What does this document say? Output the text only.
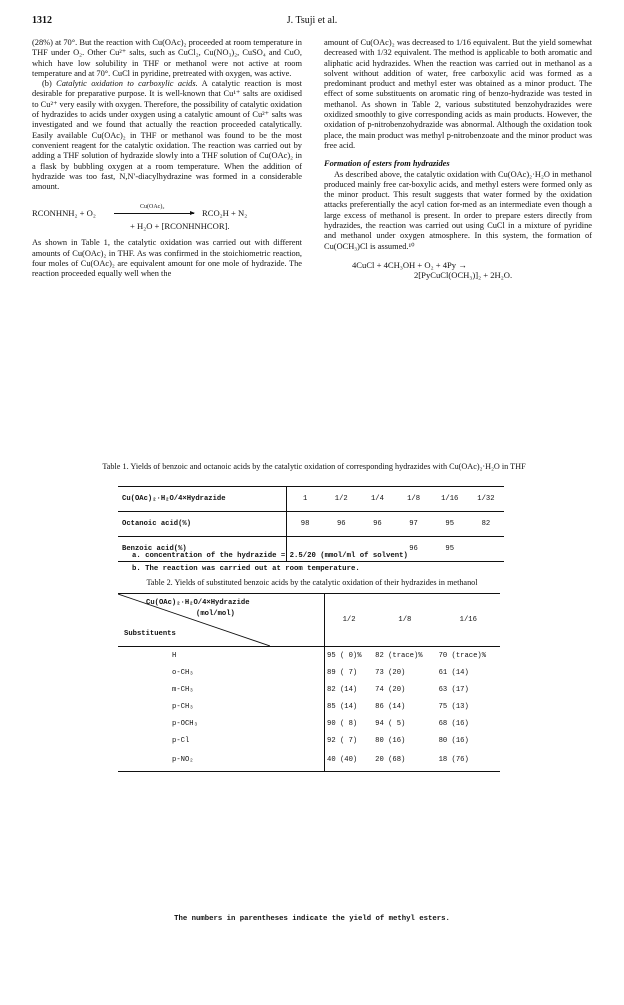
1312	J. Tsuji et al.

(28%) at 70°. But the reaction with Cu(OAc)₂ proceeded at room temperature in THF under O₂. Other Cu²⁺ salts, such as CuCl₂, Cu(NO₃)₂, CuSO₄ and CuO, which have low solubility in THF or methanol were not active at room temperature and at 70°. CuCl in pyridine, pretreated with oxygen, was active.

(b) Catalytic oxidation to carboxylic acids. A catalytic reaction is most desirable for preparative purpose. It is well-known that Cu¹⁺ salts are oxidised to Cu²⁺ very easily with oxygen. Therefore, the possibility of catalytic oxidation of hydrazides to acids under oxygen using a catalytic amount of Cu²⁺ salts was investigated and we found that actually the reaction proceeded catalytically. Easily available Cu(OAc)₂ in THF or methanol was found to be the most convenient reagent for the catalytic oxidation. The reaction was carried out by adding a THF solution of hydrazide slowly into a THF solution of Cu(OAc)₂ in a flask by bubbling oxygen at a room temperature. When the addition of hydrazide was too fast, N,N′-diacylhydrazine was formed in a considerable amount.

RCONHNH₂ + O₂
Cu(OAc)₂
RCO₂H + N₂
+ H₂O + [RCONHNHCOR].

As shown in Table 1, the catalytic oxidation was carried out with different amounts of Cu(OAc)₂ in THF. As was confirmed in the stoichiometric reaction, four moles of Cu(OAc)₂ are equivalent amount for one mole of hydrazide. The reaction proceeded equally well when the

amount of Cu(OAc)₂ was decreased to 1/16 equivalent. But the yield somewhat decreased with 1/32 equivalent. The method is applicable to both aromatic and aliphatic acid hydrazides. When the reaction was carried out in methanol as a solvent without addition of water, free carboxylic acid was formed as a predominant product and methyl ester was obtained as a minor product. The effect of some substituents on aromatic ring of benzo-hydrazide was tested in methanol. As shown in Table 2, various substituted benzohydrazides were oxidized smoothly to give corresponding acids as main products. However, the oxidation of p-nitrobenzohydrazide was abnormal. Although the oxidation took place, the main product was methyl p-nitrobenzoate and the minor product was free acid.

Formation of esters from hydrazides

As described above, the catalytic oxidation with Cu(OAc)₂·H₂O in methanol produced mainly free car-boxylic acids, and methyl esters were formed only as the minor product. This result suggests that water formed by the oxidation attacks preferentially the acyl cation for-med as an intermediate even though a large excess of methanol is present. In order to prepare esters directly from hydrazides, the reaction was carried out using CuCl in a mixture of pyridine and methanol under oxygen atmosphere. In this system, the formation of Cu(OCH₃)Cl is assumed.¹⁰

4CuCl + 4CH₃OH + O₂ + 4Py →
2[PyCuCl(OCH₃)]₂ + 2H₂O.
Table 1. Yields of benzoic and octanoic acids by the catalytic oxidation of corresponding hydrazides with Cu(OAc)₂·H₂O in THF
Cu(OAc)₂·H₂O/4×Hydrazide	1	1/2	1/4	1/8	1/16	1/32
Octanoic acid(%)	98	96	96	97	95	82
Benzoic acid(%)				96	95	
a. concentration of the hydrazide = 2.5/20 (mmol/ml of solvent)
b. The reaction was carried out at room temperature.
Table 2. Yields of substituted benzoic acids by the catalytic oxidation of their hydrazides in methanol
Cu(OAc)₂·H₂O/4×Hydrazide
(mol/mol)
Substituents	1/2	1/8	1/16
H	95 ( 0)%	82 (trace)%	70 (trace)%
o-CH₃	89 ( 7)	73 (20)	61 (14)
m-CH₃	82 (14)	74 (20)	63 (17)
p-CH₃	85 (14)	86 (14)	75 (13)
p-OCH₃	90 ( 8)	94 ( 5)	68 (16)
p-Cl	92 ( 7)	80 (16)	80 (16)
p-NO₂	40 (40)	20 (68)	18 (76)
The numbers in parentheses indicate the yield of methyl esters.
